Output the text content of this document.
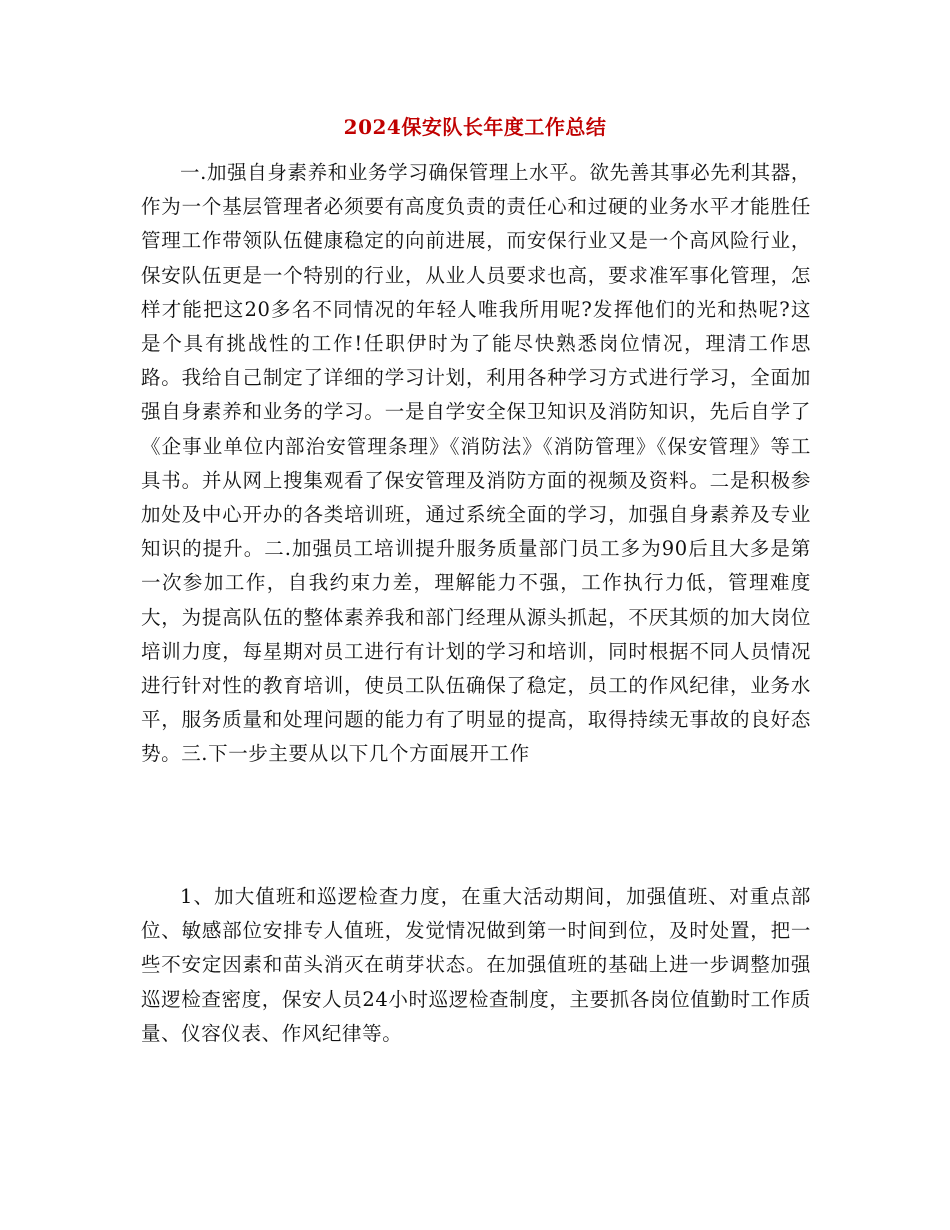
2024保安队长年度工作总结

一.加强自身素养和业务学习确保管理上水平。欲先善其事必先利其器，作为一个基层管理者必须要有高度负责的责任心和过硬的业务水平才能胜任管理工作带领队伍健康稳定的向前进展，而安保行业又是一个高风险行业，保安队伍更是一个特别的行业，从业人员要求也高，要求准军事化管理，怎样才能把这20多名不同情况的年轻人唯我所用呢?发挥他们的光和热呢?这是个具有挑战性的工作!任职伊时为了能尽快熟悉岗位情况，理清工作思路。我给自己制定了详细的学习计划，利用各种学习方式进行学习，全面加强自身素养和业务的学习。一是自学安全保卫知识及消防知识，先后自学了《企事业单位内部治安管理条理》《消防法》《消防管理》《保安管理》等工具书。并从网上搜集观看了保安管理及消防方面的视频及资料。二是积极参加处及中心开办的各类培训班，通过系统全面的学习，加强自身素养及专业知识的提升。二.加强员工培训提升服务质量部门员工多为90后且大多是第一次参加工作，自我约束力差，理解能力不强，工作执行力低，管理难度大，为提高队伍的整体素养我和部门经理从源头抓起，不厌其烦的加大岗位培训力度，每星期对员工进行有计划的学习和培训，同时根据不同人员情况进行针对性的教育培训，使员工队伍确保了稳定，员工的作风纪律，业务水平，服务质量和处理问题的能力有了明显的提高，取得持续无事故的良好态势。三.下一步主要从以下几个方面展开工作

1、加大值班和巡逻检查力度，在重大活动期间，加强值班、对重点部位、敏感部位安排专人值班，发觉情况做到第一时间到位，及时处置，把一些不安定因素和苗头消灭在萌芽状态。在加强值班的基础上进一步调整加强巡逻检查密度，保安人员24小时巡逻检查制度，主要抓各岗位值勤时工作质量、仪容仪表、作风纪律等。
